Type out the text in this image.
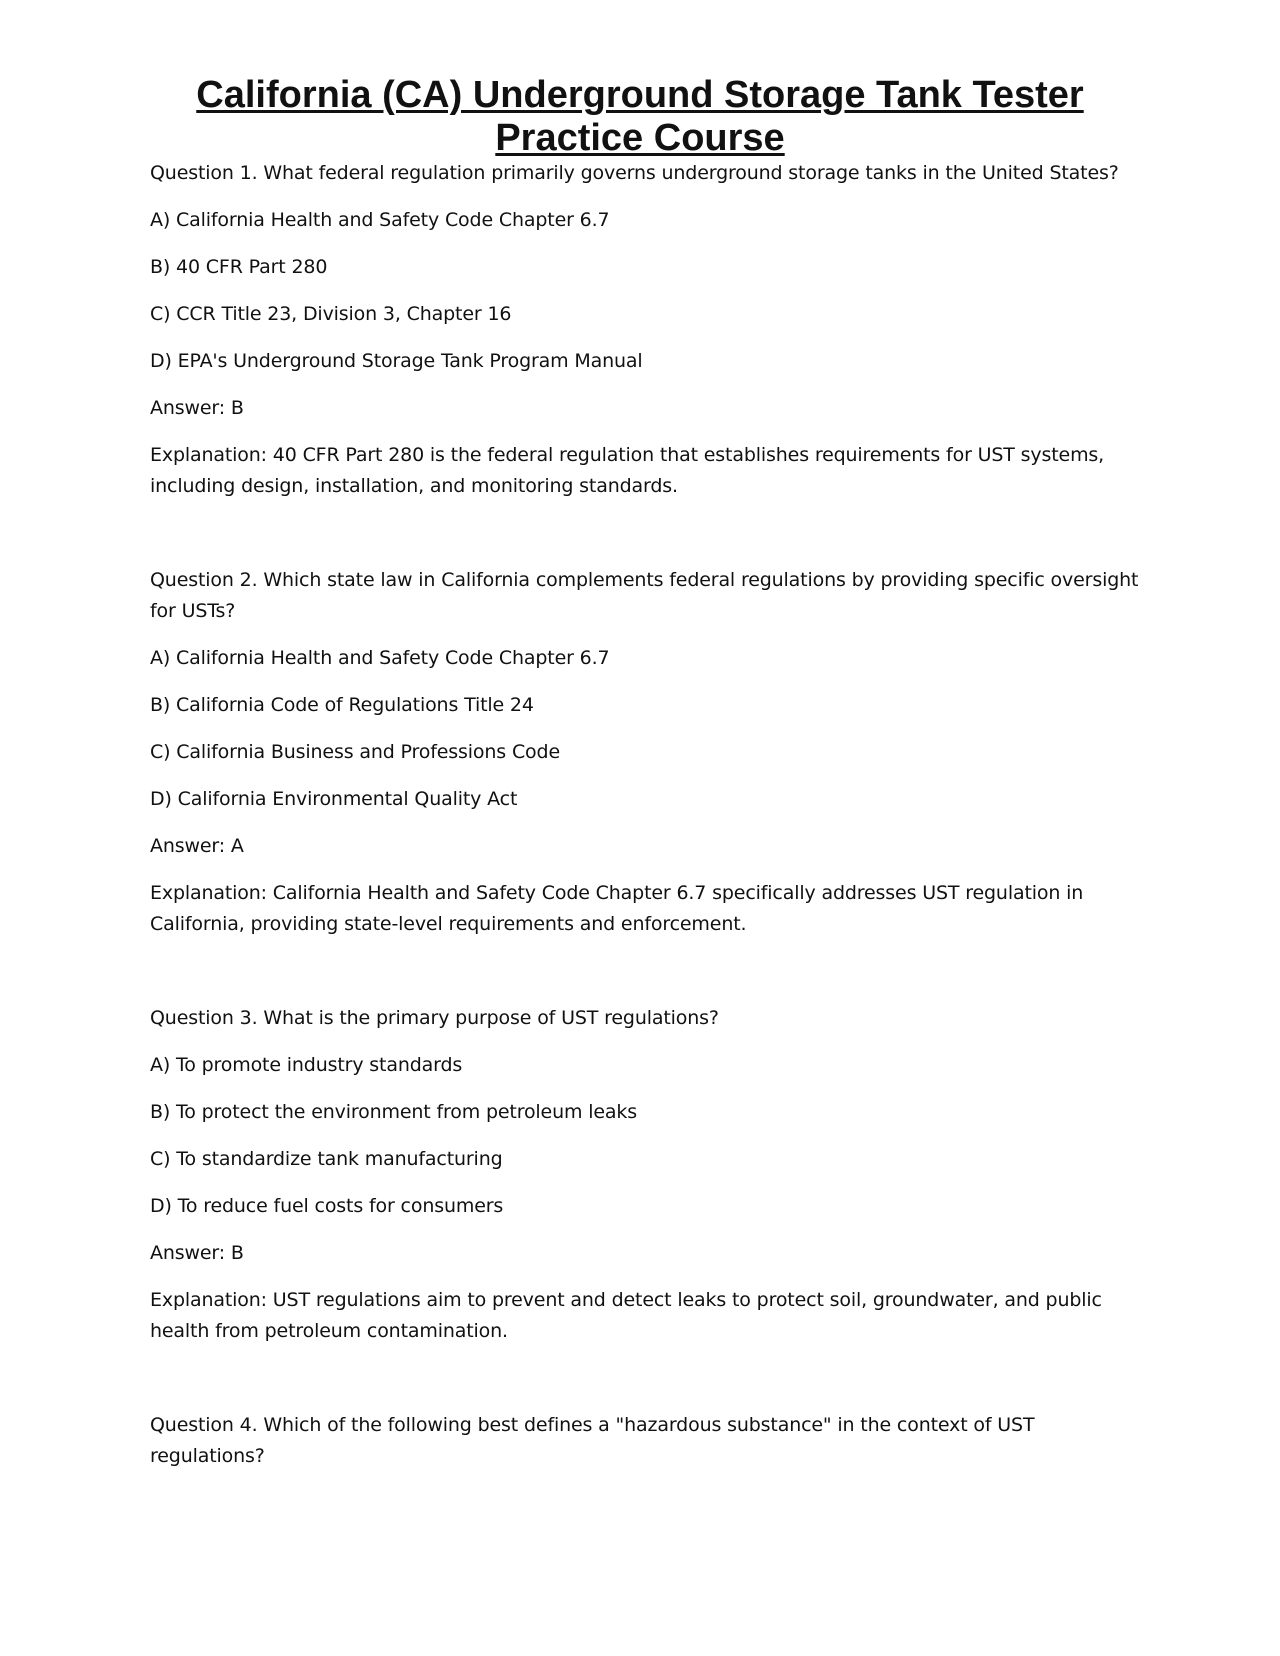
California (CA) Underground Storage Tank Tester Practice Course

Question 1. What federal regulation primarily governs underground storage tanks in the United States?

A) California Health and Safety Code Chapter 6.7

B) 40 CFR Part 280

C) CCR Title 23, Division 3, Chapter 16

D) EPA's Underground Storage Tank Program Manual

Answer: B

Explanation: 40 CFR Part 280 is the federal regulation that establishes requirements for UST systems, including design, installation, and monitoring standards.

Question 2. Which state law in California complements federal regulations by providing specific oversight for USTs?

A) California Health and Safety Code Chapter 6.7

B) California Code of Regulations Title 24

C) California Business and Professions Code

D) California Environmental Quality Act

Answer: A

Explanation: California Health and Safety Code Chapter 6.7 specifically addresses UST regulation in California, providing state-level requirements and enforcement.

Question 3. What is the primary purpose of UST regulations?

A) To promote industry standards

B) To protect the environment from petroleum leaks

C) To standardize tank manufacturing

D) To reduce fuel costs for consumers

Answer: B

Explanation: UST regulations aim to prevent and detect leaks to protect soil, groundwater, and public health from petroleum contamination.

Question 4. Which of the following best defines a "hazardous substance" in the context of UST regulations?
